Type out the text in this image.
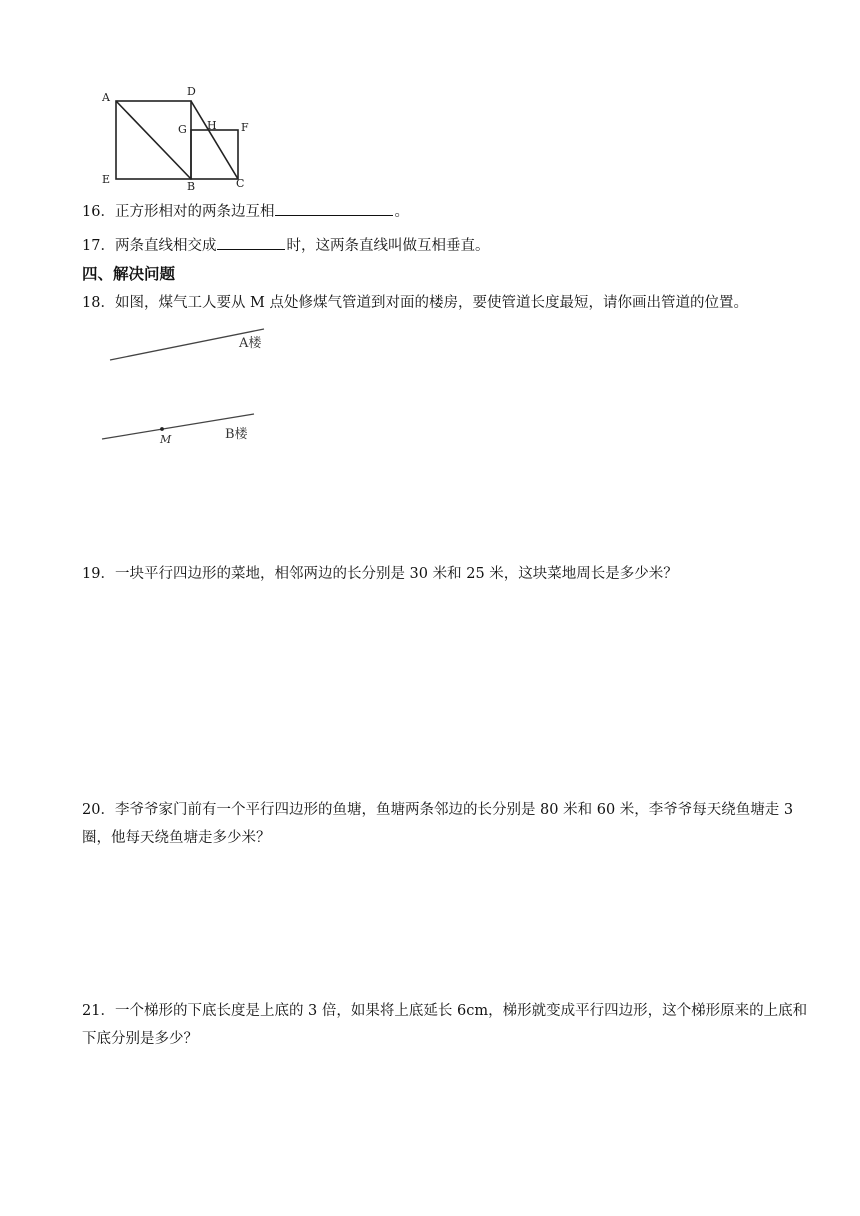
A	D
G H F
E
B	C
16．正方形相对的两条边互相	。
17．两条直线相交成	时，这两条直线叫做互相垂直。
四、解决问题
18．如图，煤气工人要从 M 点处修煤气管道到对面的楼房，要使管道长度最短，请你画出管道的位置。
A楼
M	B楼
19．一块平行四边形的菜地，相邻两边的长分别是 30 米和 25 米，这块菜地周长是多少米？
20．李爷爷家门前有一个平行四边形的鱼塘，鱼塘两条邻边的长分别是 80 米和 60 米，李爷爷每天绕鱼塘走 3 圈，他每天绕鱼塘走多少米？
21．一个梯形的下底长度是上底的 3 倍，如果将上底延长 6cm，梯形就变成平行四边形，这个梯形原来的上底和下底分别是多少？
